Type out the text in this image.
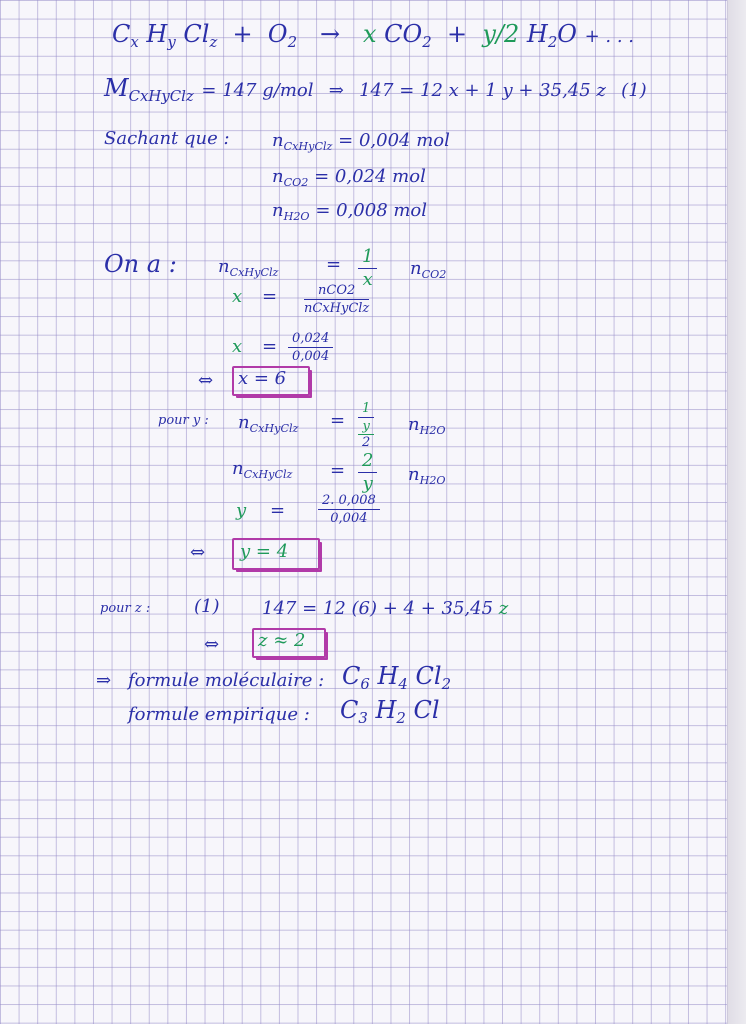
$C_x$ $H_y$ $Cl_z + O_2 \to x$ $CO_2 + y/2$ $H_2O$ + . . .
$M_{CxHyClz} = 147$ g/mol ⇒ 147 = 12 x + 1 y + 35,45 z (1)
Sachant que : $n_{CxHyClz} = 0,004$ mol
$n_{CO2} = 0,024$ mol
$n_{H2O} = 0,008$ mol
On a : $n_{CxHyClz}$	= $\frac{1}{x} n_{CO2}$
x =	nCO2
nCxHyClz
$x = \frac{0,024}{0,004}$
⇔ x = 6
pour y : $n_{CxHyClz} = 1$
y
2 $n_{H2O}$
$n_{CxHyClz} = \frac{2}{y} n_{H2O}$
y =	$\frac{2. 0,008}{0,004}$
⇔ y = 4
pour z : (1) 147 = 12 (6) + 4 + 35,45 z
⇔ z ≈ 2
⇒ formule moléculaire : $C_6$ $H_4$ $Cl_2$
formule empirique : $C_3$ $H_2$ Cl
